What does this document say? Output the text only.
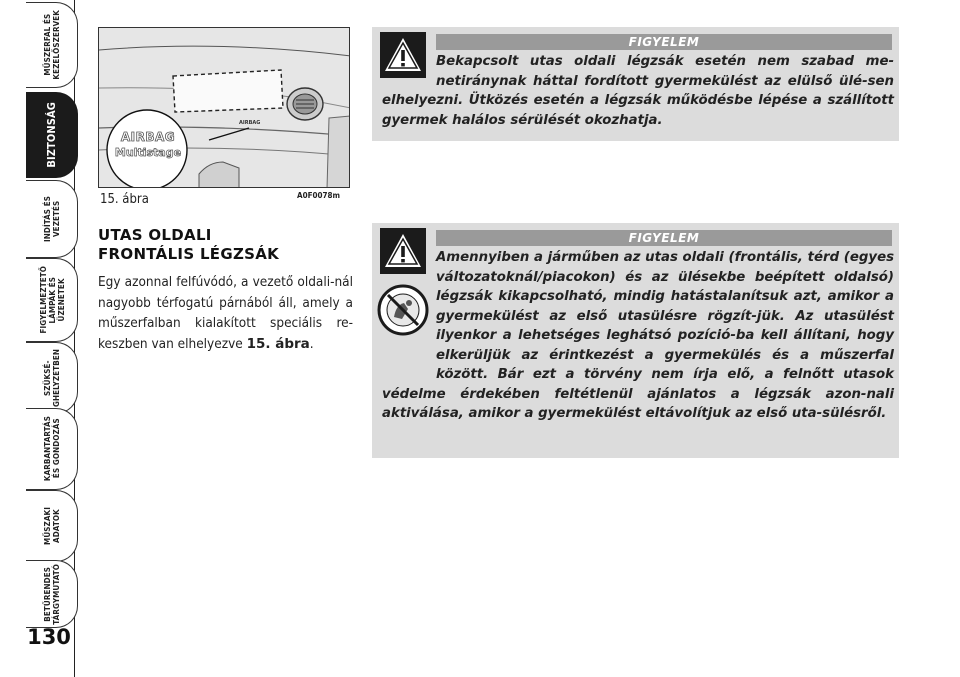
MŰSZERFAL ÉS
KEZELŐSZERVEK
BIZTONSÁG
INDÍTÁS ÉS
VEZETÉS
FIGYELMEZTETŐ
LÁMPÁK ÉS
ÜZENETEK
SZÜKSÉ-
GHELYZETBEN
KARBANTARTÁS
ÉS GONDOZÁS
MŰSZAKI
ADATOK
BETŰRENDES
TÁRGYMUTATÓ
130
AIRBAG
Multistage
AIRBAG
15. ábra	A0F0078m
UTAS OLDALI
FRONTÁLIS LÉGZSÁK
Egy azonnal felfúvódó, a vezető oldali-nál nagyobb térfogatú párnából áll, amely a műszerfalban kialakított speciális re-keszben van elhelyezve 15. ábra.
FIGYELEM
Bekapcsolt utas oldali légzsák esetén nem szabad me-netiránynak háttal fordított gyermekülést az elülső ülé-sen elhelyezni. Ütközés esetén a légzsák működésbe lépése a szállított gyermek halálos sérülését okozhatja.
FIGYELEM
Amennyiben a járműben az utas oldali (frontális, térd (egyes változatoknál/piacokon) és az ülésekbe beépített oldalsó) légzsák kikapcsolható, mindig hatástalanítsuk azt, amikor a gyermekülést az első utasülésre rögzít-jük. Az utasülést ilyenkor a lehetséges leghátsó pozíció-ba kell állítani, hogy elkerüljük az érintkezést a gyermekülés és a műszerfal között. Bár ezt a törvény nem írja elő, a felnőtt utasok védelme érdekében feltétlenül ajánlatos a légzsák azon-nali aktiválása, amikor a gyermekülést eltávolítjuk az első uta-sülésről.
